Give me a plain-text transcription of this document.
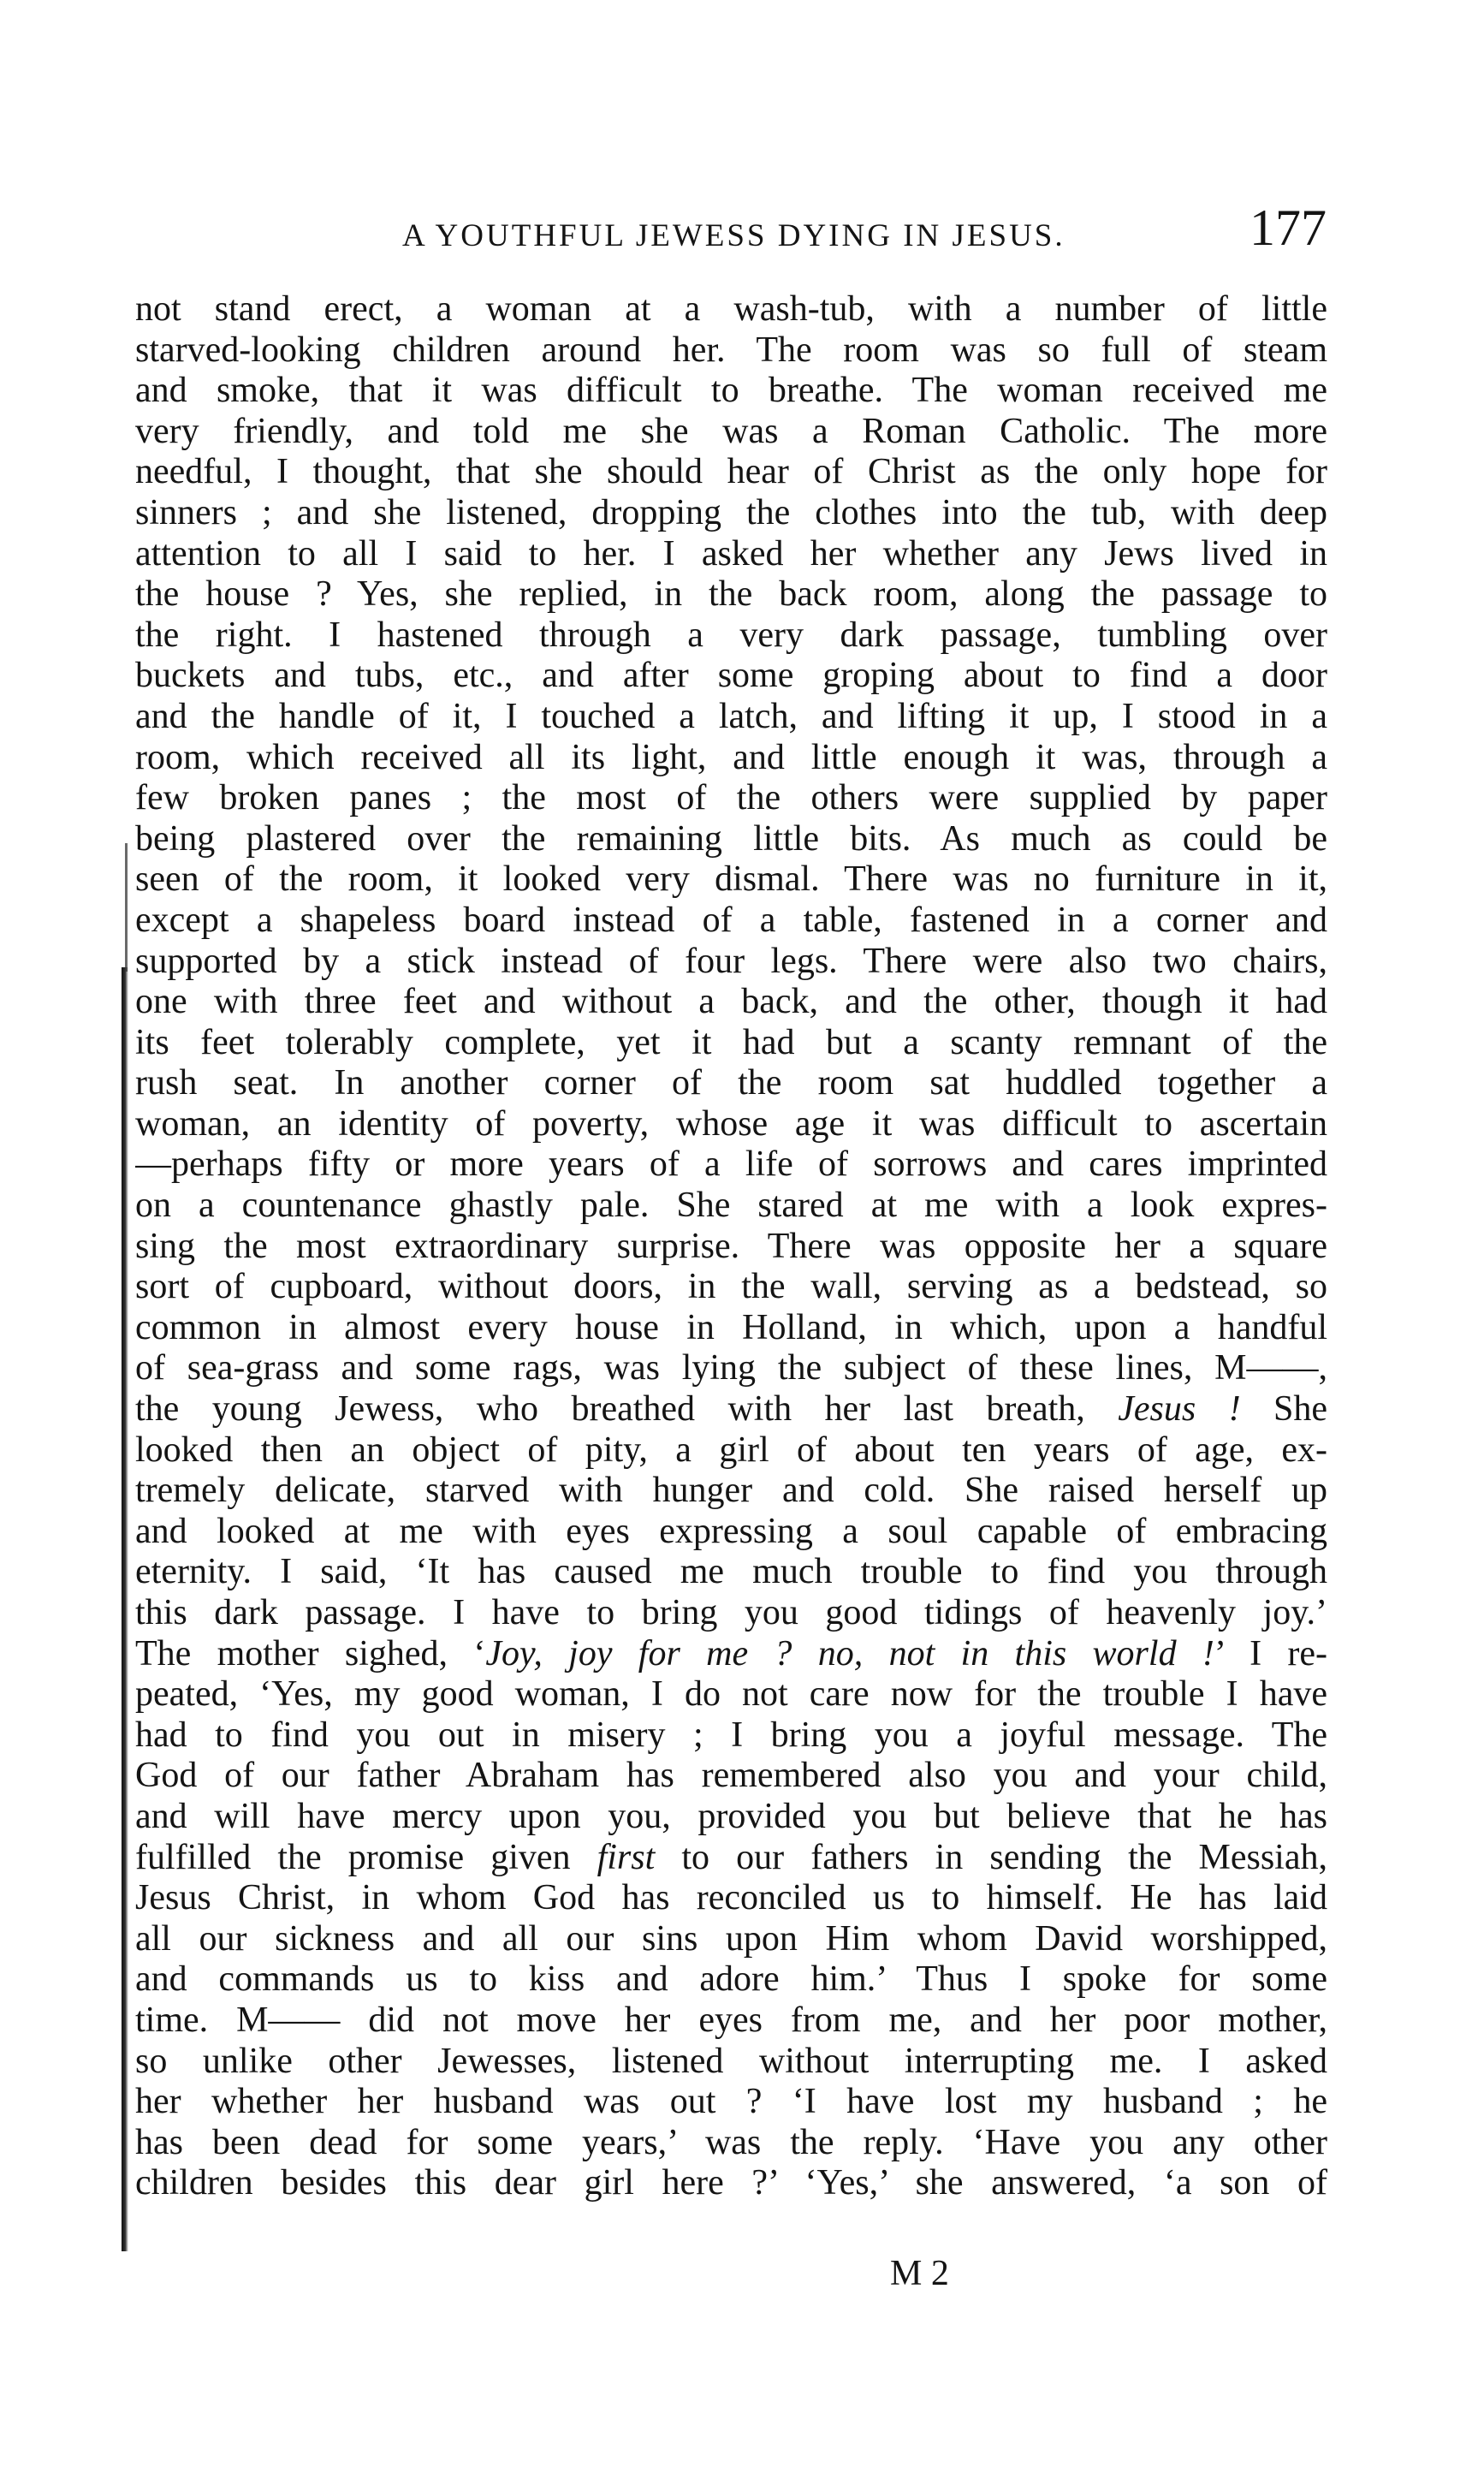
A YOUTHFUL JEWESS DYING IN JESUS.	177
not stand erect, a woman at a wash-tub, with a number of little
starved-looking children around her. The room was so full of steam
and smoke, that it was difficult to breathe. The woman received me
very friendly, and told me she was a Roman Catholic. The more
needful, I thought, that she should hear of Christ as the only hope for
sinners ; and she listened, dropping the clothes into the tub, with deep
attention to all I said to her. I asked her whether any Jews lived in
the house ? Yes, she replied, in the back room, along the passage to
the right. I hastened through a very dark passage, tumbling over
buckets and tubs, etc., and after some groping about to find a door
and the handle of it, I touched a latch, and lifting it up, I stood in a
room, which received all its light, and little enough it was, through a
few broken panes ; the most of the others were supplied by paper
being plastered over the remaining little bits. As much as could be
seen of the room, it looked very dismal. There was no furniture in it,
except a shapeless board instead of a table, fastened in a corner and
supported by a stick instead of four legs. There were also two chairs,
one with three feet and without a back, and the other, though it had
its feet tolerably complete, yet it had but a scanty remnant of the
rush seat. In another corner of the room sat huddled together a
woman, an identity of poverty, whose age it was difficult to ascertain
—perhaps fifty or more years of a life of sorrows and cares imprinted
on a countenance ghastly pale. She stared at me with a look expres-
sing the most extraordinary surprise. There was opposite her a square
sort of cupboard, without doors, in the wall, serving as a bedstead, so
common in almost every house in Holland, in which, upon a handful
of sea-grass and some rags, was lying the subject of these lines, M——,
the young Jewess, who breathed with her last breath, Jesus ! She
looked then an object of pity, a girl of about ten years of age, ex-
tremely delicate, starved with hunger and cold. She raised herself up
and looked at me with eyes expressing a soul capable of embracing
eternity. I said, ‘It has caused me much trouble to find you through
this dark passage. I have to bring you good tidings of heavenly joy.’
The mother sighed, ‘Joy, joy for me ? no, not in this world !’ I re-
peated, ‘Yes, my good woman, I do not care now for the trouble I have
had to find you out in misery ; I bring you a joyful message. The
God of our father Abraham has remembered also you and your child,
and will have mercy upon you, provided you but believe that he has
fulfilled the promise given first to our fathers in sending the Messiah,
Jesus Christ, in whom God has reconciled us to himself. He has laid
all our sickness and all our sins upon Him whom David worshipped,
and commands us to kiss and adore him.’ Thus I spoke for some
time. M—— did not move her eyes from me, and her poor mother,
so unlike other Jewesses, listened without interrupting me. I asked
her whether her husband was out ? ‘I have lost my husband ; he
has been dead for some years,’ was the reply. ‘Have you any other
children besides this dear girl here ?’ ‘Yes,’ she answered, ‘a son of
M 2
